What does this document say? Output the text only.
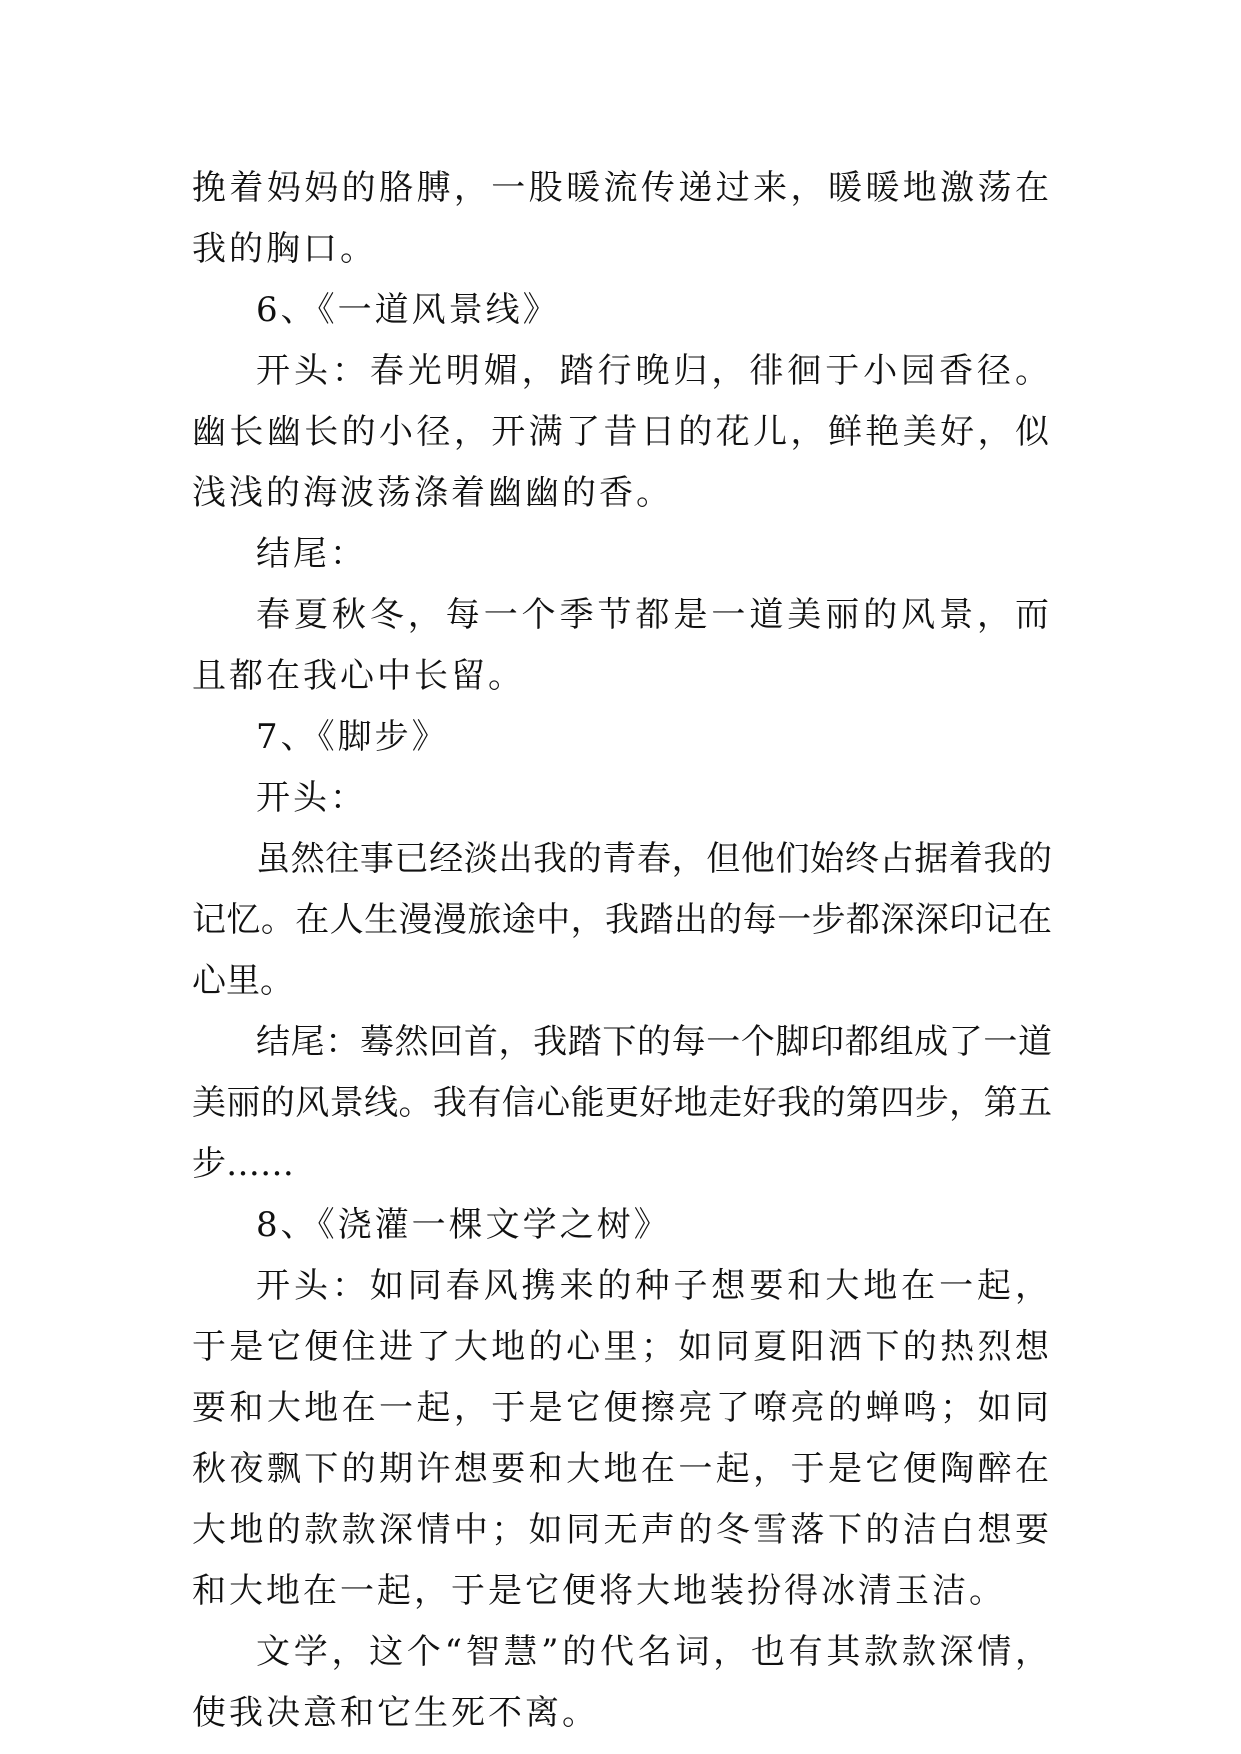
挽着妈妈的胳膊，一股暖流传递过来，暖暖地激荡在我的胸口。

6、《一道风景线》

开头：春光明媚，踏行晚归，徘徊于小园香径。幽长幽长的小径，开满了昔日的花儿，鲜艳美好，似浅浅的海波荡涤着幽幽的香。

结尾：

春夏秋冬，每一个季节都是一道美丽的风景，而且都在我心中长留。

7、《脚步》

开头：

虽然往事已经淡出我的青春，但他们始终占据着我的记忆。在人生漫漫旅途中，我踏出的每一步都深深印记在心里。

结尾：蓦然回首，我踏下的每一个脚印都组成了一道美丽的风景线。我有信心能更好地走好我的第四步，第五步……

8、《浇灌一棵文学之树》

开头：如同春风携来的种子想要和大地在一起，于是它便住进了大地的心里；如同夏阳洒下的热烈想要和大地在一起，于是它便擦亮了嘹亮的蝉鸣；如同秋夜飘下的期许想要和大地在一起，于是它便陶醉在大地的款款深情中；如同无声的冬雪落下的洁白想要和大地在一起，于是它便将大地装扮得冰清玉洁。

文学，这个“智慧”的代名词，也有其款款深情，使我决意和它生死不离。
